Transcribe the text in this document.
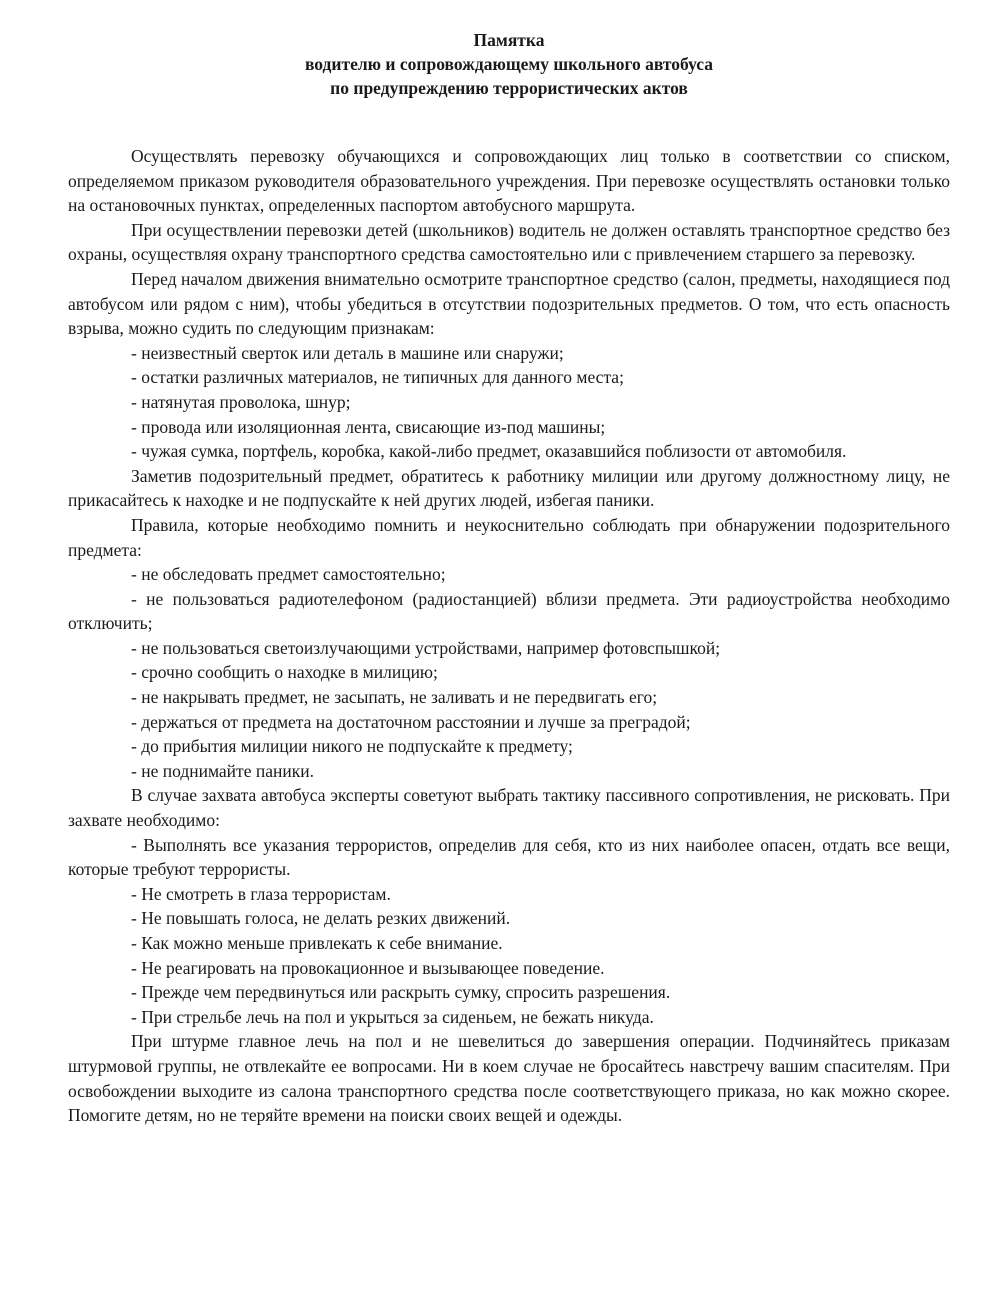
Памятка
водителю и сопровождающему школьного автобуса
по предупреждению террористических актов

Осуществлять перевозку обучающихся и сопровождающих лиц только в соответствии со списком, определяемом приказом руководителя образовательного учреждения. При перевозке осуществлять остановки только на остановочных пунктах, определенных паспортом автобусного маршрута.

При осуществлении перевозки детей (школьников) водитель не должен оставлять транспортное средство без охраны, осуществляя охрану транспортного средства самостоятельно или с привлечением старшего за перевозку.

Перед началом движения внимательно осмотрите транспортное средство (салон, предметы, находящиеся под автобусом или рядом с ним), чтобы убедиться в отсутствии подозрительных предметов. О том, что есть опасность взрыва, можно судить по следующим признакам:

- неизвестный сверток или деталь в машине или снаружи;

- остатки различных материалов, не типичных для данного места;

- натянутая проволока, шнур;

- провода или изоляционная лента, свисающие из-под машины;

- чужая сумка, портфель, коробка, какой-либо предмет, оказавшийся поблизости от автомобиля.

Заметив подозрительный предмет, обратитесь к работнику милиции или другому должностному лицу, не прикасайтесь к находке и не подпускайте к ней других людей, избегая паники.

Правила, которые необходимо помнить и неукоснительно соблюдать при обнаружении подозрительного предмета:

- не обследовать предмет самостоятельно;

- не пользоваться радиотелефоном (радиостанцией) вблизи предмета. Эти радиоустройства необходимо отключить;

- не пользоваться светоизлучающими устройствами, например фотовспышкой;

- срочно сообщить о находке в милицию;

- не накрывать предмет, не засыпать, не заливать и не передвигать его;

- держаться от предмета на достаточном расстоянии и лучше за преградой;

- до прибытия милиции никого не подпускайте к предмету;

- не поднимайте паники.

В случае захвата автобуса эксперты советуют выбрать тактику пассивного сопротивления, не рисковать. При захвате необходимо:

- Выполнять все указания террористов, определив для себя, кто из них наиболее опасен, отдать все вещи, которые требуют террористы.

- Не смотреть в глаза террористам.

- Не повышать голоса, не делать резких движений.

- Как можно меньше привлекать к себе внимание.

- Не реагировать на провокационное и вызывающее поведение.

- Прежде чем передвинуться или раскрыть сумку, спросить разрешения.

- При стрельбе лечь на пол и укрыться за сиденьем, не бежать никуда.

При штурме главное лечь на пол и не шевелиться до завершения операции. Подчиняйтесь приказам штурмовой группы, не отвлекайте ее вопросами. Ни в коем случае не бросайтесь навстречу вашим спасителям. При освобождении выходите из салона транспортного средства после соответствующего приказа, но как можно скорее. Помогите детям, но не теряйте времени на поиски своих вещей и одежды.
